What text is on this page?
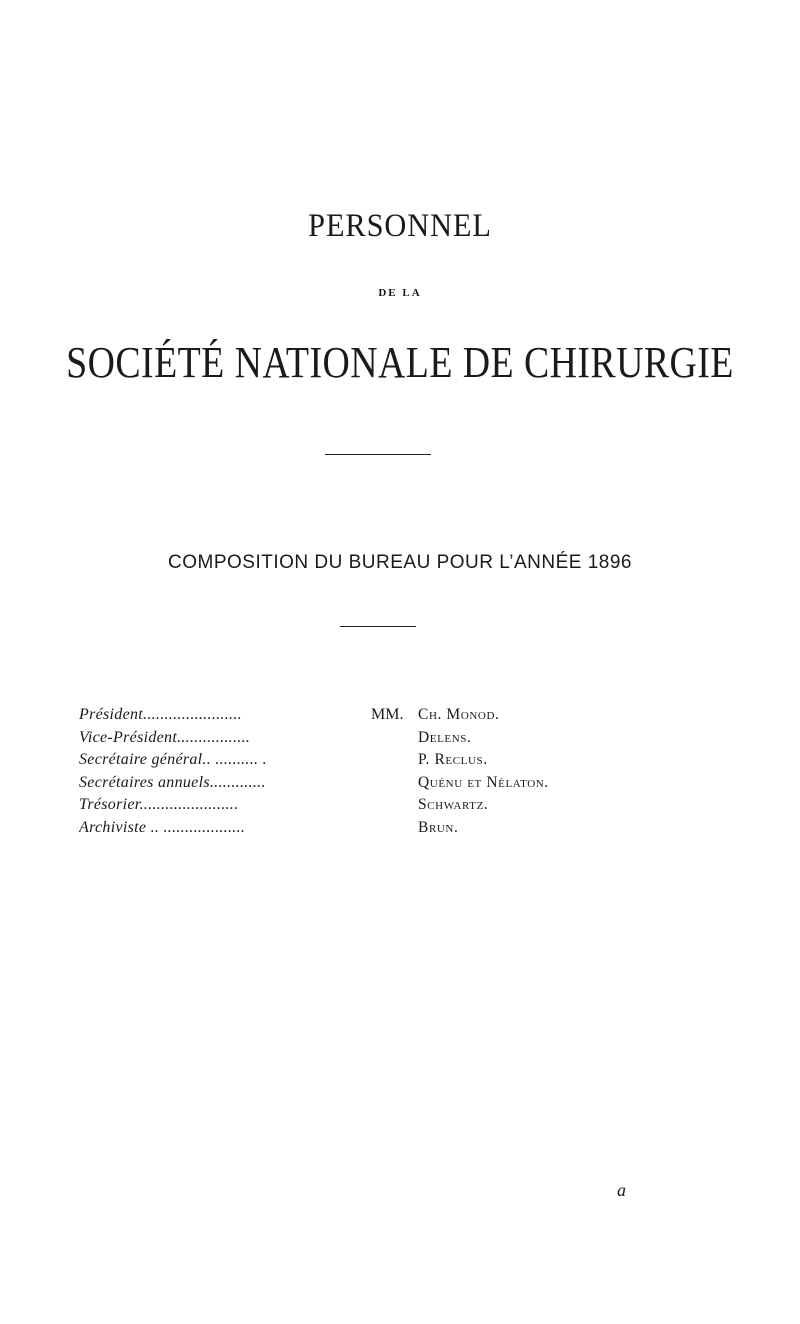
PERSONNEL
DE LA
SOCIÉTÉ NATIONALE DE CHIRURGIE
COMPOSITION DU BUREAU POUR L’ANNÉE 1896
Président.......................	MM. Ch. Monod.
Vice-Président.................	Delens.
Secrétaire général.. .......... .	P. Reclus.
Secrétaires annuels.............	Quénu et Nélaton.
Trésorier.......................	Schwartz.
Archiviste .. ...................	Brun.
a
